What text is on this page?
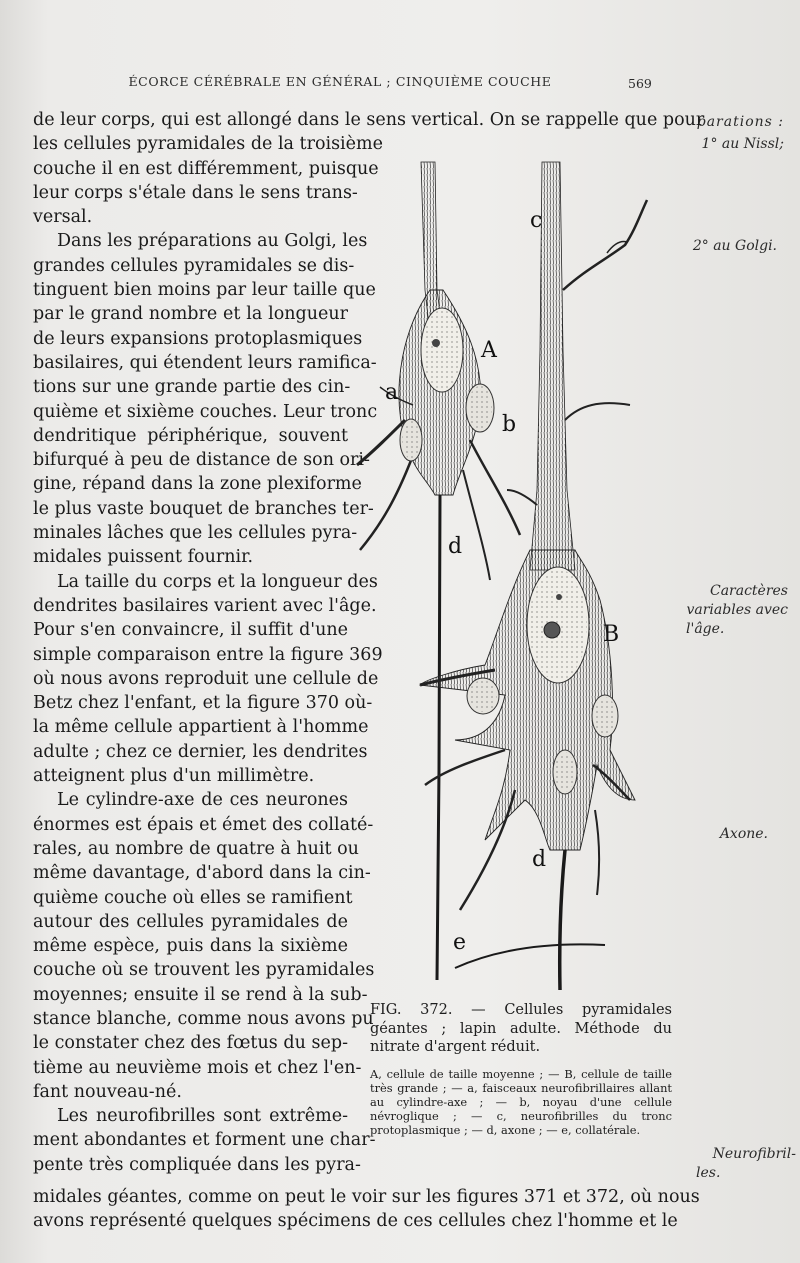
ÉCORCE CÉRÉBRALE EN GÉNÉRAL ; CINQUIÈME COUCHE	569
parations :
1° au Nissl;
2° au Golgi.
Caractères
variables avec
l'âge.
Axone.
Neurofibril-
les.
de leur corps, qui est allongé dans le sens vertical. On se rappelle que pour
les cellules pyramidales de la troisième
couche il en est différemment, puisque
leur corps s'étale dans le sens trans-
versal.
Dans les préparations au Golgi, les
grandes cellules pyramidales se dis-
tinguent bien moins par leur taille que
par le grand nombre et la longueur
de leurs expansions protoplasmiques
basilaires, qui étendent leurs ramifica-
tions sur une grande partie des cin-
quième et sixième couches. Leur tronc
dendritique périphérique, souvent
bifurqué à peu de distance de son ori-
gine, répand dans la zone plexiforme
le plus vaste bouquet de branches ter-
minales lâches que les cellules pyra-
midales puissent fournir.
La taille du corps et la longueur des
dendrites basilaires varient avec l'âge.
Pour s'en convaincre, il suffit d'une
simple comparaison entre la figure 369
où nous avons reproduit une cellule de
Betz chez l'enfant, et la figure 370 où-
la même cellule appartient à l'homme
adulte ; chez ce dernier, les dendrites
atteignent plus d'un millimètre.
Le cylindre-axe de ces neurones
énormes est épais et émet des collaté-
rales, au nombre de quatre à huit ou
même davantage, d'abord dans la cin-
quième couche où elles se ramifient
autour des cellules pyramidales de
même espèce, puis dans la sixième
couche où se trouvent les pyramidales
moyennes; ensuite il se rend à la sub-
stance blanche, comme nous avons pu
le constater chez des fœtus du sep-
tième au neuvième mois et chez l'en-
fant nouveau-né.
Les neurofibrilles sont extrême-
ment abondantes et forment une char-
pente très compliquée dans les pyra-
midales géantes, comme on peut le voir sur les figures 371 et 372, où nous
avons représenté quelques spécimens de ces cellules chez l'homme et le
c
A
a
b
d
B
d
e
FIG. 372. — Cellules pyramidales géantes ; lapin adulte. Méthode du nitrate d'argent réduit.
A, cellule de taille moyenne ; — B, cellule de taille très grande ; — a, faisceaux neurofibrillaires allant au cylindre-axe ; — b, noyau d'une cellule névroglique ; — c, neurofibrilles du tronc protoplasmique ; — d, axone ; — e, collatérale.
